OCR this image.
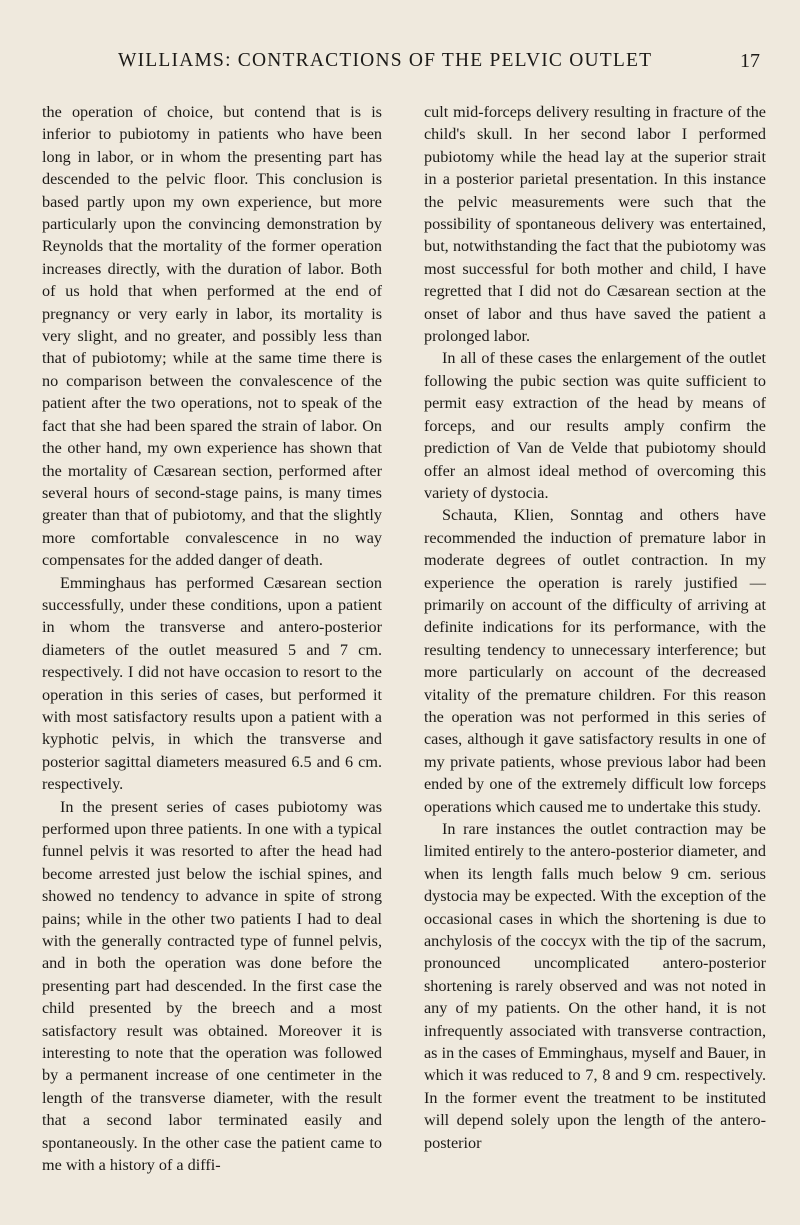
WILLIAMS: CONTRACTIONS OF THE PELVIC OUTLET	17

the operation of choice, but contend that is is inferior to pubiotomy in patients who have been long in labor, or in whom the presenting part has descended to the pelvic floor. This conclusion is based partly upon my own experience, but more particularly upon the convincing demonstration by Reynolds that the mortality of the former operation increases directly, with the duration of labor. Both of us hold that when performed at the end of pregnancy or very early in labor, its mortality is very slight, and no greater, and possibly less than that of pubiotomy; while at the same time there is no comparison between the convalescence of the patient after the two operations, not to speak of the fact that she had been spared the strain of labor. On the other hand, my own experience has shown that the mortality of Cæsarean section, performed after several hours of second-stage pains, is many times greater than that of pubiotomy, and that the slightly more comfortable convalescence in no way compensates for the added danger of death.

Emminghaus has performed Cæsarean section successfully, under these conditions, upon a patient in whom the transverse and antero-posterior diameters of the outlet measured 5 and 7 cm. respectively. I did not have occasion to resort to the operation in this series of cases, but performed it with most satisfactory results upon a patient with a kyphotic pelvis, in which the transverse and posterior sagittal diameters measured 6.5 and 6 cm. respectively.

In the present series of cases pubiotomy was performed upon three patients. In one with a typical funnel pelvis it was resorted to after the head had become arrested just below the ischial spines, and showed no tendency to advance in spite of strong pains; while in the other two patients I had to deal with the generally contracted type of funnel pelvis, and in both the operation was done before the presenting part had descended. In the first case the child presented by the breech and a most satisfactory result was obtained. Moreover it is interesting to note that the operation was followed by a permanent increase of one centimeter in the length of the transverse diameter, with the result that a second labor terminated easily and spontaneously. In the other case the patient came to me with a history of a diffi-

cult mid-forceps delivery resulting in fracture of the child's skull. In her second labor I performed pubiotomy while the head lay at the superior strait in a posterior parietal presentation. In this instance the pelvic measurements were such that the possibility of spontaneous delivery was entertained, but, notwithstanding the fact that the pubiotomy was most successful for both mother and child, I have regretted that I did not do Cæsarean section at the onset of labor and thus have saved the patient a prolonged labor.

In all of these cases the enlargement of the outlet following the pubic section was quite sufficient to permit easy extraction of the head by means of forceps, and our results amply confirm the prediction of Van de Velde that pubiotomy should offer an almost ideal method of overcoming this variety of dystocia.

Schauta, Klien, Sonntag and others have recommended the induction of premature labor in moderate degrees of outlet contraction. In my experience the operation is rarely justified — primarily on account of the difficulty of arriving at definite indications for its performance, with the resulting tendency to unnecessary interference; but more particularly on account of the decreased vitality of the premature children. For this reason the operation was not performed in this series of cases, although it gave satisfactory results in one of my private patients, whose previous labor had been ended by one of the extremely difficult low forceps operations which caused me to undertake this study.

In rare instances the outlet contraction may be limited entirely to the antero-posterior diameter, and when its length falls much below 9 cm. serious dystocia may be expected. With the exception of the occasional cases in which the shortening is due to anchylosis of the coccyx with the tip of the sacrum, pronounced uncomplicated antero-posterior shortening is rarely observed and was not noted in any of my patients. On the other hand, it is not infrequently associated with transverse contraction, as in the cases of Emminghaus, myself and Bauer, in which it was reduced to 7, 8 and 9 cm. respectively. In the former event the treatment to be instituted will depend solely upon the length of the antero-posterior
